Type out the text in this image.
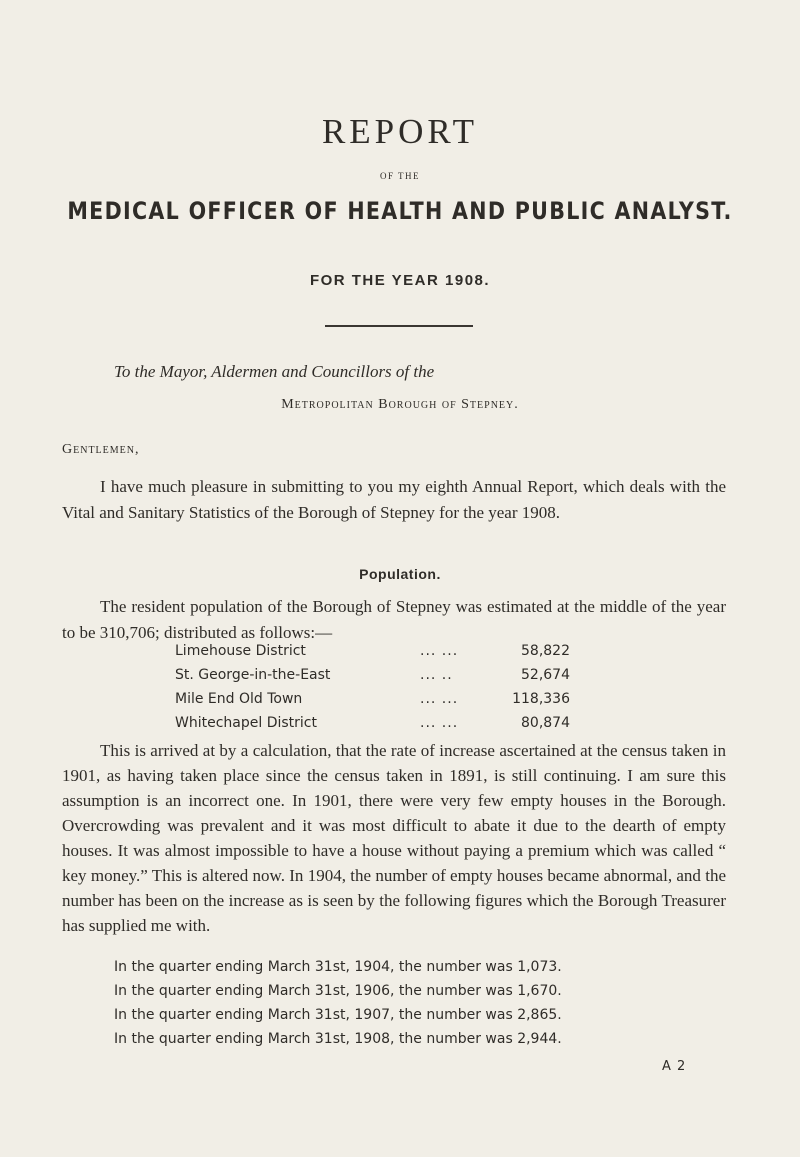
REPORT
OF THE
MEDICAL OFFICER OF HEALTH AND PUBLIC ANALYST.
FOR THE YEAR 1908.
To the Mayor, Aldermen and Councillors of the
Metropolitan Borough of Stepney.
Gentlemen,
I have much pleasure in submitting to you my eighth Annual Report, which deals with the Vital and Sanitary Statistics of the Borough of Stepney for the year 1908.
Population.
The resident population of the Borough of Stepney was estimated at the middle of the year to be 310,706; distributed as follows:—
Limehouse District	... ...	58,822
St. George-in-the-East	... ..	52,674
Mile End Old Town	... ...	118,336
Whitechapel District	... ...	80,874
This is arrived at by a calculation, that the rate of increase ascertained at the census taken in 1901, as having taken place since the census taken in 1891, is still continuing. I am sure this assumption is an incorrect one. In 1901, there were very few empty houses in the Borough. Overcrowding was prevalent and it was most difficult to abate it due to the dearth of empty houses. It was almost impossible to have a house without paying a premium which was called “ key money.” This is altered now. In 1904, the number of empty houses became abnormal, and the number has been on the increase as is seen by the following figures which the Borough Treasurer has supplied me with.
In the quarter ending March 31st, 1904, the number was 1,073.
In the quarter ending March 31st, 1906, the number was 1,670.
In the quarter ending March 31st, 1907, the number was 2,865.
In the quarter ending March 31st, 1908, the number was 2,944.
A 2
